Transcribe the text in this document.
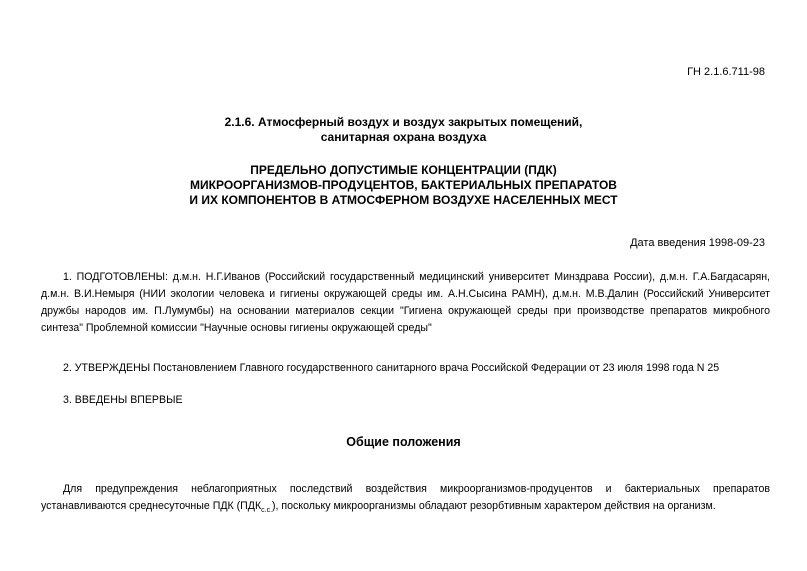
ГН 2.1.6.711-98
2.1.6. Атмосферный воздух и воздух закрытых помещений,
санитарная охрана воздуха
ПРЕДЕЛЬНО ДОПУСТИМЫЕ КОНЦЕНТРАЦИИ (ПДК)
МИКРООРГАНИЗМОВ-ПРОДУЦЕНТОВ, БАКТЕРИАЛЬНЫХ ПРЕПАРАТОВ
И ИХ КОМПОНЕНТОВ В АТМОСФЕРНОМ ВОЗДУХЕ НАСЕЛЕННЫХ МЕСТ
Дата введения 1998-09-23
1. ПОДГОТОВЛЕНЫ: д.м.н. Н.Г.Иванов (Российский государственный медицинский университет Минздрава России), д.м.н. Г.А.Багдасарян,
д.м.н. В.И.Немыря (НИИ экологии человека и гигиены окружающей среды им. А.Н.Сысина РАМН), д.м.н. М.В.Далин (Российский Университет
дружбы народов им. П.Лумумбы) на основании материалов секции "Гигиена окружающей среды при производстве препаратов микробного
синтеза" Проблемной комиссии "Научные основы гигиены окружающей среды"
2. УТВЕРЖДЕНЫ Постановлением Главного государственного санитарного врача Российской Федерации от 23 июля 1998 года N 25
3. ВВЕДЕНЫ ВПЕРВЫЕ
Общие положения
Для предупреждения неблагоприятных последствий воздействия микроорганизмов-продуцентов и бактериальных препаратов
устанавливаются среднесуточные ПДК $(ПДК_{с.с.})$, поскольку микроорганизмы обладают резорбтивным характером действия на организм.
